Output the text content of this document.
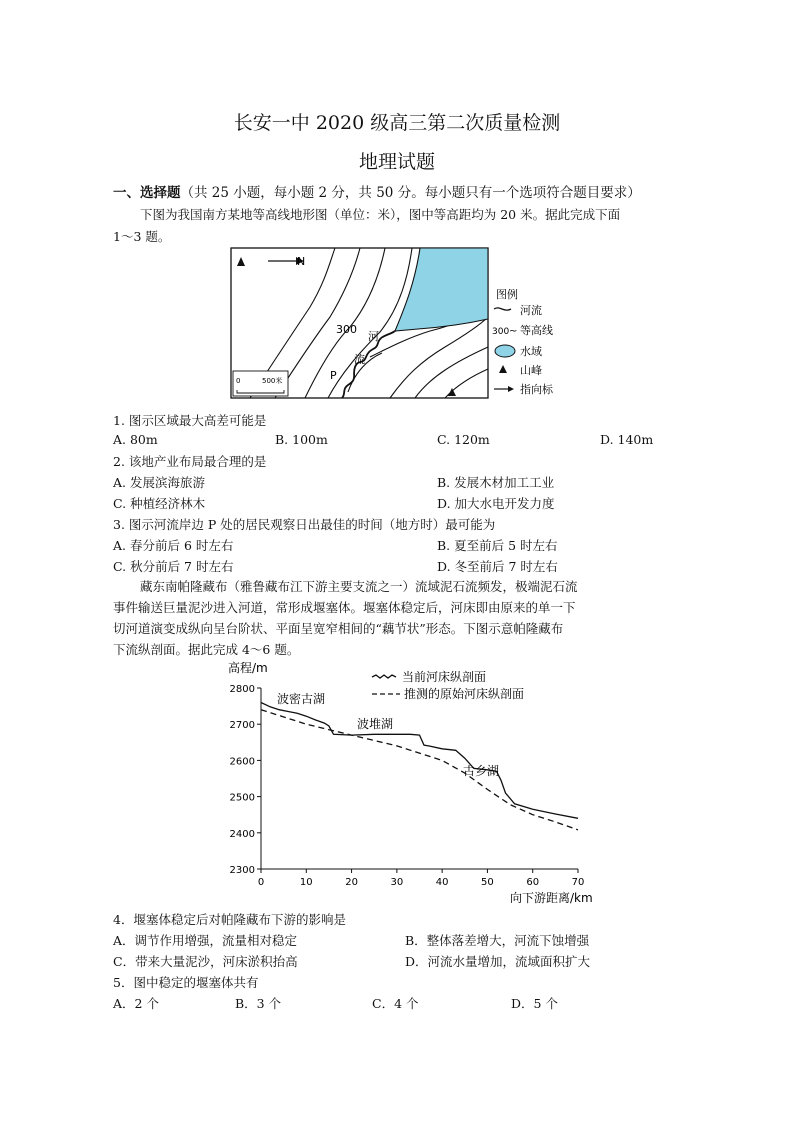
长安一中 2020 级高三第二次质量检测
地理试题
一、选择题（共 25 小题，每小题 2 分，共 50 分。每小题只有一个选项符合题目要求）
下图为我国南方某地等高线地形图（单位：米），图中等高距均为 20 米。据此完成下面
1～3 题。
N
300
河
流
P
0	500米
图例
河流
300 ~ 等高线
水域
山峰
指向标
1. 图示区域最大高差可能是
A. 80m	B. 100m	C. 120m	D. 140m
2. 该地产业布局最合理的是
A. 发展滨海旅游	B. 发展木材加工工业
C. 种植经济林木	D. 加大水电开发力度
3. 图示河流岸边 P 处的居民观察日出最佳的时间（地方时）最可能为
A. 春分前后 6 时左右	B. 夏至前后 5 时左右
C. 秋分前后 7 时左右	D. 冬至前后 7 时左右
藏东南帕隆藏布（雅鲁藏布江下游主要支流之一）流域泥石流频发，极端泥石流
事件输送巨量泥沙进入河道，常形成堰塞体。堰塞体稳定后，河床即由原来的单一下
切河道演变成纵向呈台阶状、平面呈宽窄相间的“藕节状”形态。下图示意帕隆藏布
下流纵剖面。据此完成 4～6 题。
高程/m
向下游距离/km
0	10	20	30	40	50	60	70
2300
2400
2500
2600
2700
2800
当前河床纵剖面
推测的原始河床纵剖面
波密古湖
波堆湖
古乡湖
4．堰塞体稳定后对帕隆藏布下游的影响是
A．调节作用增强，流量相对稳定	B．整体落差增大，河流下蚀增强
C．带来大量泥沙，河床淤积抬高	D．河流水量增加，流域面积扩大
5．图中稳定的堰塞体共有
A．2 个	B．3 个	C．4 个	D．5 个
